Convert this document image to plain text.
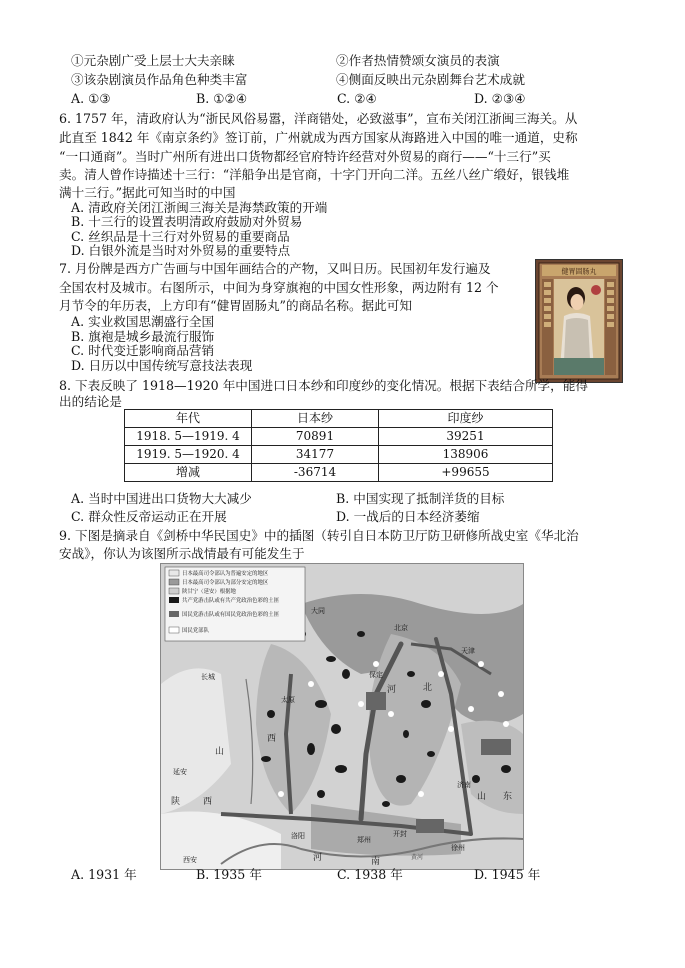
①元杂剧广受上层士大夫亲睐	②作者热情赞颂女演员的表演
③该杂剧演员作品角色种类丰富	④侧面反映出元杂剧舞台艺术成就
A. ①③	B. ①②④	C. ②④	D. ②③④
6. 1757 年，清政府认为“浙民风俗易嚣，洋商错处，必致滋事”，宣布关闭江浙闽三海关。从
此直至 1842 年《南京条约》签订前，广州就成为西方国家从海路进入中国的唯一通道，史称
“一口通商”。当时广州所有进出口货物都经官府特许经营对外贸易的商行——“十三行”买
卖。清人曾作诗描述十三行：“洋船争出是官商，十字门开向二洋。五丝八丝广缎好，银钱堆
满十三行。”据此可知当时的中国
A. 清政府关闭江浙闽三海关是海禁政策的开端
B. 十三行的设置表明清政府鼓励对外贸易
C. 丝织品是十三行对外贸易的重要商品
D. 白银外流是当时对外贸易的重要特点
7. 月份牌是西方广告画与中国年画结合的产物，又叫日历。民国初年发行遍及
全国农村及城市。右图所示，中间为身穿旗袍的中国女性形象，两边附有 12 个
月节令的年历表，上方印有“健胃固肠丸”的商品名称。据此可知
A. 实业救国思潮盛行全国
B. 旗袍是城乡最流行服饰
C. 时代变迁影响商品营销
D. 日历以中国传统写意技法表现
健胃固肠丸
8. 下表反映了 1918—1920 年中国进口日本纱和印度纱的变化情况。根据下表结合所学，能得
出的结论是
年代	日本纱	印度纱
1918. 5—1919. 4	70891	39251
1919. 5—1920. 4	34177	138906
增减	-36714	+99655
A. 当时中国进出口货物大大减少	B. 中国实现了抵制洋货的目标
C. 群众性反帝运动正在开展	D. 一战后的日本经济萎缩
9. 下图是摘录自《剑桥中华民国史》中的插图（转引自日本防卫厅防卫研修所战史室《华北治
安战》，你认为该图所示战情最有可能发生于
日本最高司令部认为普遍安定的地区
日本最高司令部认为部分安定的地区
陕甘宁（延安）根据地
共产党游击队或有共产党政治色彩的土匪
国民党游击队或有国民党政治色彩的土匪
国民党部队
大同
北京
天津
保定
太原
延安
济南
洛阳	郑州
开封
徐州
西安
长城
河	北
山
西
山 东
河	南
陕	西
黄河
A. 1931 年	B. 1935 年	C. 1938 年	D. 1945 年
